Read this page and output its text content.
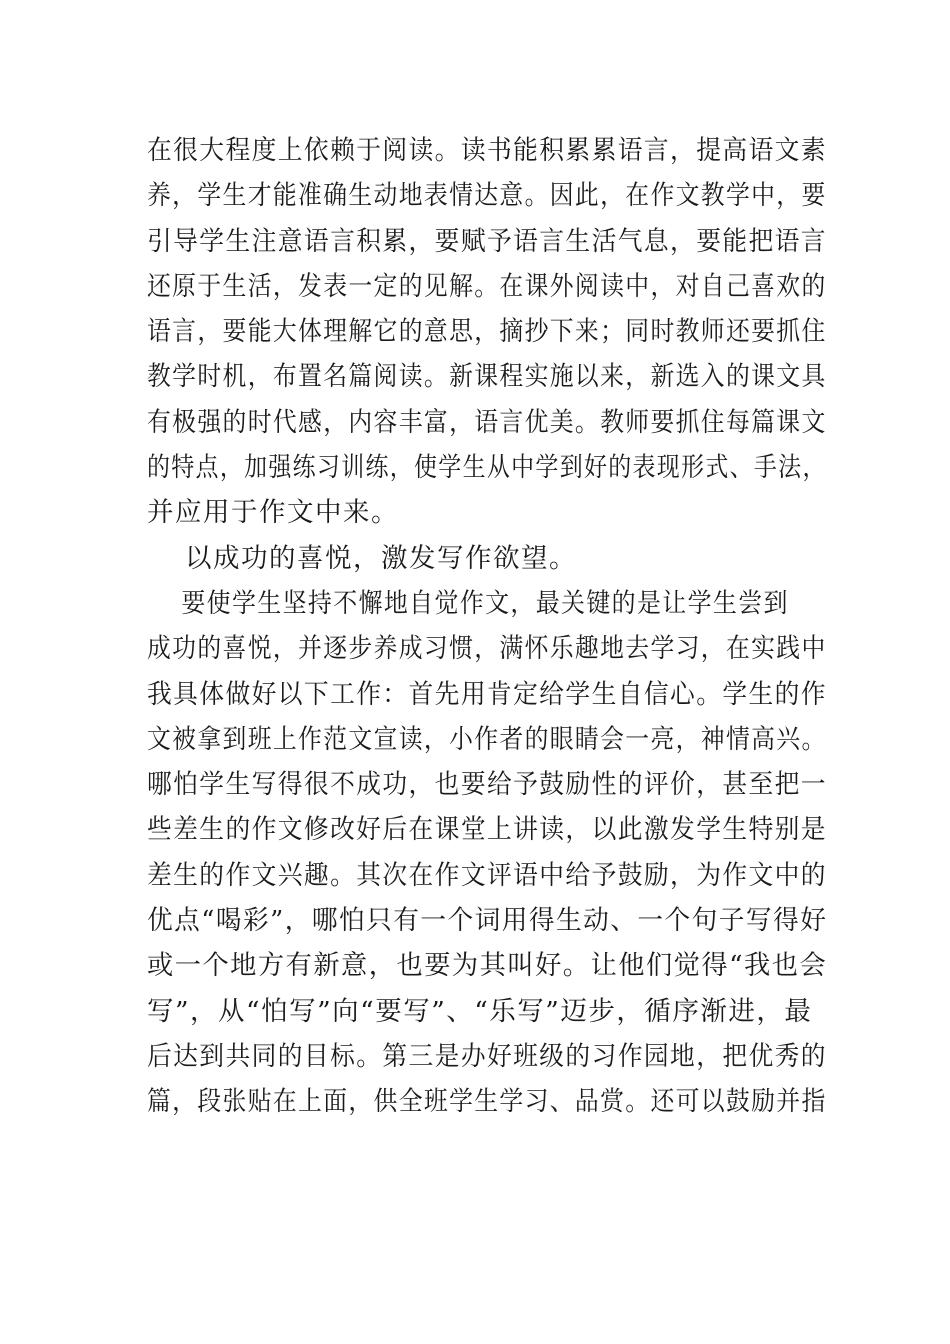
在很大程度上依赖于阅读。读书能积累累语言，提高语文素
养，学生才能准确生动地表情达意。因此，在作文教学中，要
引导学生注意语言积累，要赋予语言生活气息，要能把语言
还原于生活，发表一定的见解。在课外阅读中，对自己喜欢的
语言，要能大体理解它的意思，摘抄下来；同时教师还要抓住
教学时机，布置名篇阅读。新课程实施以来，新选入的课文具
有极强的时代感，内容丰富，语言优美。教师要抓住每篇课文
的特点，加强练习训练，使学生从中学到好的表现形式、手法，
并应用于作文中来。
以成功的喜悦，激发写作欲望。
要使学生坚持不懈地自觉作文，最关键的是让学生尝到
成功的喜悦，并逐步养成习惯，满怀乐趣地去学习，在实践中
我具体做好以下工作：首先用肯定给学生自信心。学生的作
文被拿到班上作范文宣读，小作者的眼睛会一亮，神情高兴。
哪怕学生写得很不成功，也要给予鼓励性的评价，甚至把一
些差生的作文修改好后在课堂上讲读，以此激发学生特别是
差生的作文兴趣。其次在作文评语中给予鼓励，为作文中的
优点“喝彩”，哪怕只有一个词用得生动、一个句子写得好
或一个地方有新意，也要为其叫好。让他们觉得“我也会
写”，从“怕写”向“要写”、“乐写”迈步，循序渐进，最
后达到共同的目标。第三是办好班级的习作园地，把优秀的
篇，段张贴在上面，供全班学生学习、品赏。还可以鼓励并指
